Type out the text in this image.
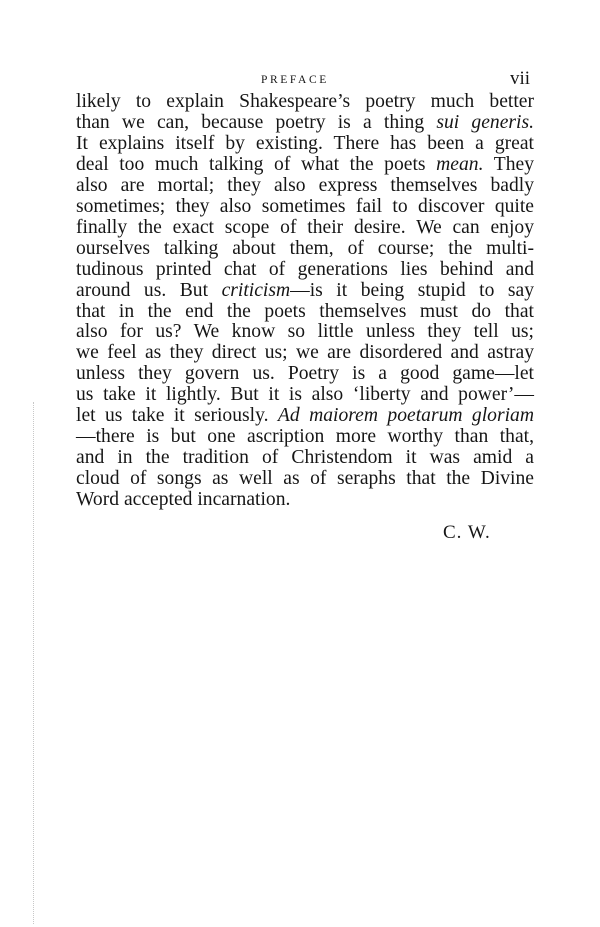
PREFACE	vii
likely to explain Shakespeare’s poetry much better
than we can, because poetry is a thing sui generis.
It explains itself by existing. There has been a great
deal too much talking of what the poets mean. They
also are mortal; they also express themselves badly
sometimes; they also sometimes fail to discover quite
finally the exact scope of their desire. We can enjoy
ourselves talking about them, of course; the multi-
tudinous printed chat of generations lies behind and
around us. But criticism—is it being stupid to say
that in the end the poets themselves must do that
also for us? We know so little unless they tell us;
we feel as they direct us; we are disordered and astray
unless they govern us. Poetry is a good game—let
us take it lightly. But it is also ‘liberty and power’—
let us take it seriously. Ad maiorem poetarum gloriam
—there is but one ascription more worthy than that,
and in the tradition of Christendom it was amid a
cloud of songs as well as of seraphs that the Divine
Word accepted incarnation.
C. W.
